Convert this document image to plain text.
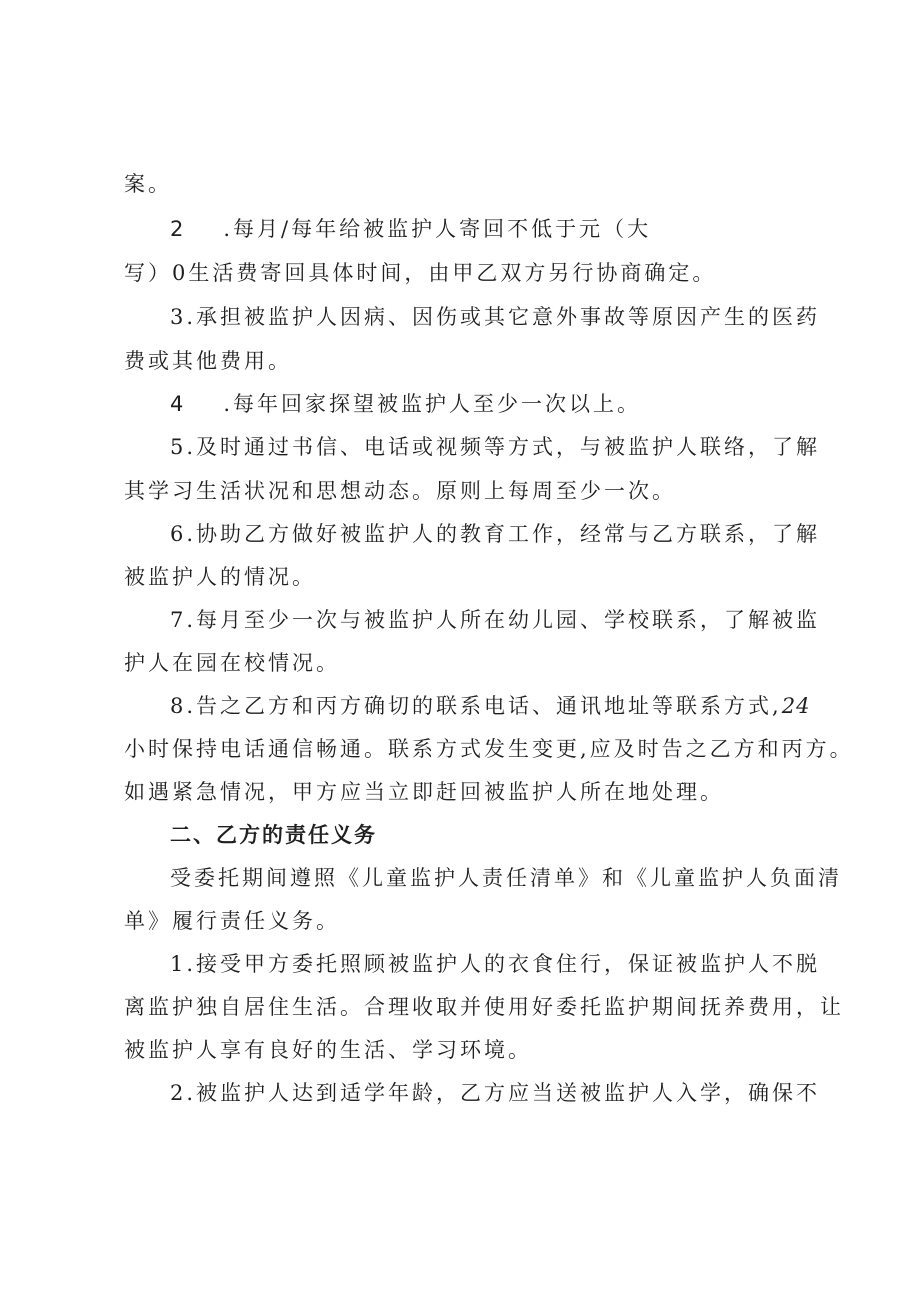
案。
2 .每月/每年给被监护人寄回不低于元（大
写）0生活费寄回具体时间，由甲乙双方另行协商确定。
3.承担被监护人因病、因伤或其它意外事故等原因产生的医药
费或其他费用。
4 .每年回家探望被监护人至少一次以上。
5.及时通过书信、电话或视频等方式，与被监护人联络，了解
其学习生活状况和思想动态。原则上每周至少一次。
6.协助乙方做好被监护人的教育工作，经常与乙方联系，了解
被监护人的情况。
7.每月至少一次与被监护人所在幼儿园、学校联系，了解被监
护人在园在校情况。
8.告之乙方和丙方确切的联系电话、通讯地址等联系方式,24
小时保持电话通信畅通。联系方式发生变更,应及时告之乙方和丙方。
如遇紧急情况，甲方应当立即赶回被监护人所在地处理。
二、乙方的责任义务
受委托期间遵照《儿童监护人责任清单》和《儿童监护人负面清
单》履行责任义务。
1.接受甲方委托照顾被监护人的衣食住行，保证被监护人不脱
离监护独自居住生活。合理收取并使用好委托监护期间抚养费用，让
被监护人享有良好的生活、学习环境。
2.被监护人达到适学年龄，乙方应当送被监护人入学，确保不
